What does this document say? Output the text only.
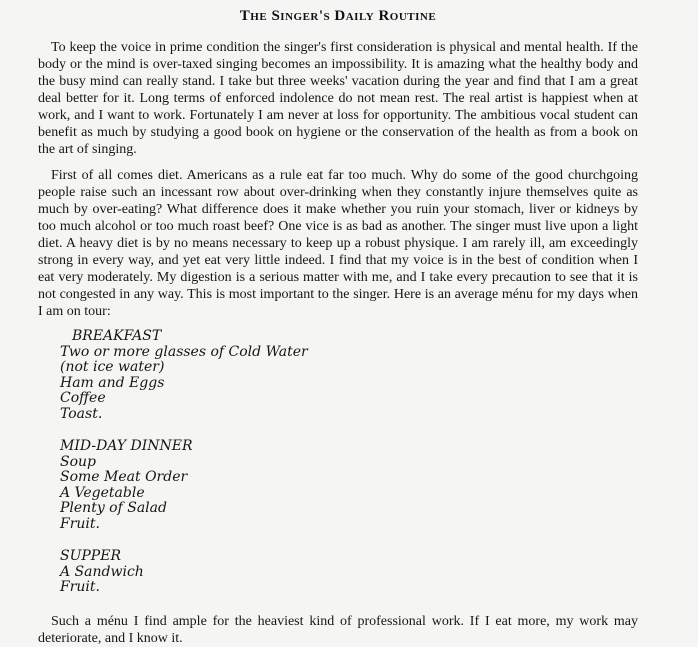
The Singer's Daily Routine

To keep the voice in prime condition the singer's first consideration is physical and mental health. If the body or the mind is over-taxed singing becomes an impossibility. It is amazing what the healthy body and the busy mind can really stand. I take but three weeks' vacation during the year and find that I am a great deal better for it. Long terms of enforced indolence do not mean rest. The real artist is happiest when at work, and I want to work. Fortunately I am never at loss for opportunity. The ambitious vocal student can benefit as much by studying a good book on hygiene or the conservation of the health as from a book on the art of singing.

First of all comes diet. Americans as a rule eat far too much. Why do some of the good churchgoing people raise such an incessant row about over-drinking when they constantly injure themselves quite as much by over-eating? What difference does it make whether you ruin your stomach, liver or kidneys by too much alcohol or too much roast beef? One vice is as bad as another. The singer must live upon a light diet. A heavy diet is by no means necessary to keep up a robust physique. I am rarely ill, am exceedingly strong in every way, and yet eat very little indeed. I find that my voice is in the best of condition when I eat very moderately. My digestion is a serious matter with me, and I take every precaution to see that it is not congested in any way. This is most important to the singer. Here is an average ménu for my days when I am on tour:

BREAKFAST
Two or more glasses of Cold Water
(not ice water)
Ham and Eggs
Coffee
Toast.
MID-DAY DINNER
Soup
Some Meat Order
A Vegetable
Plenty of Salad
Fruit.
SUPPER
A Sandwich
Fruit.

Such a ménu I find ample for the heaviest kind of professional work. If I eat more, my work may deteriorate, and I know it.
